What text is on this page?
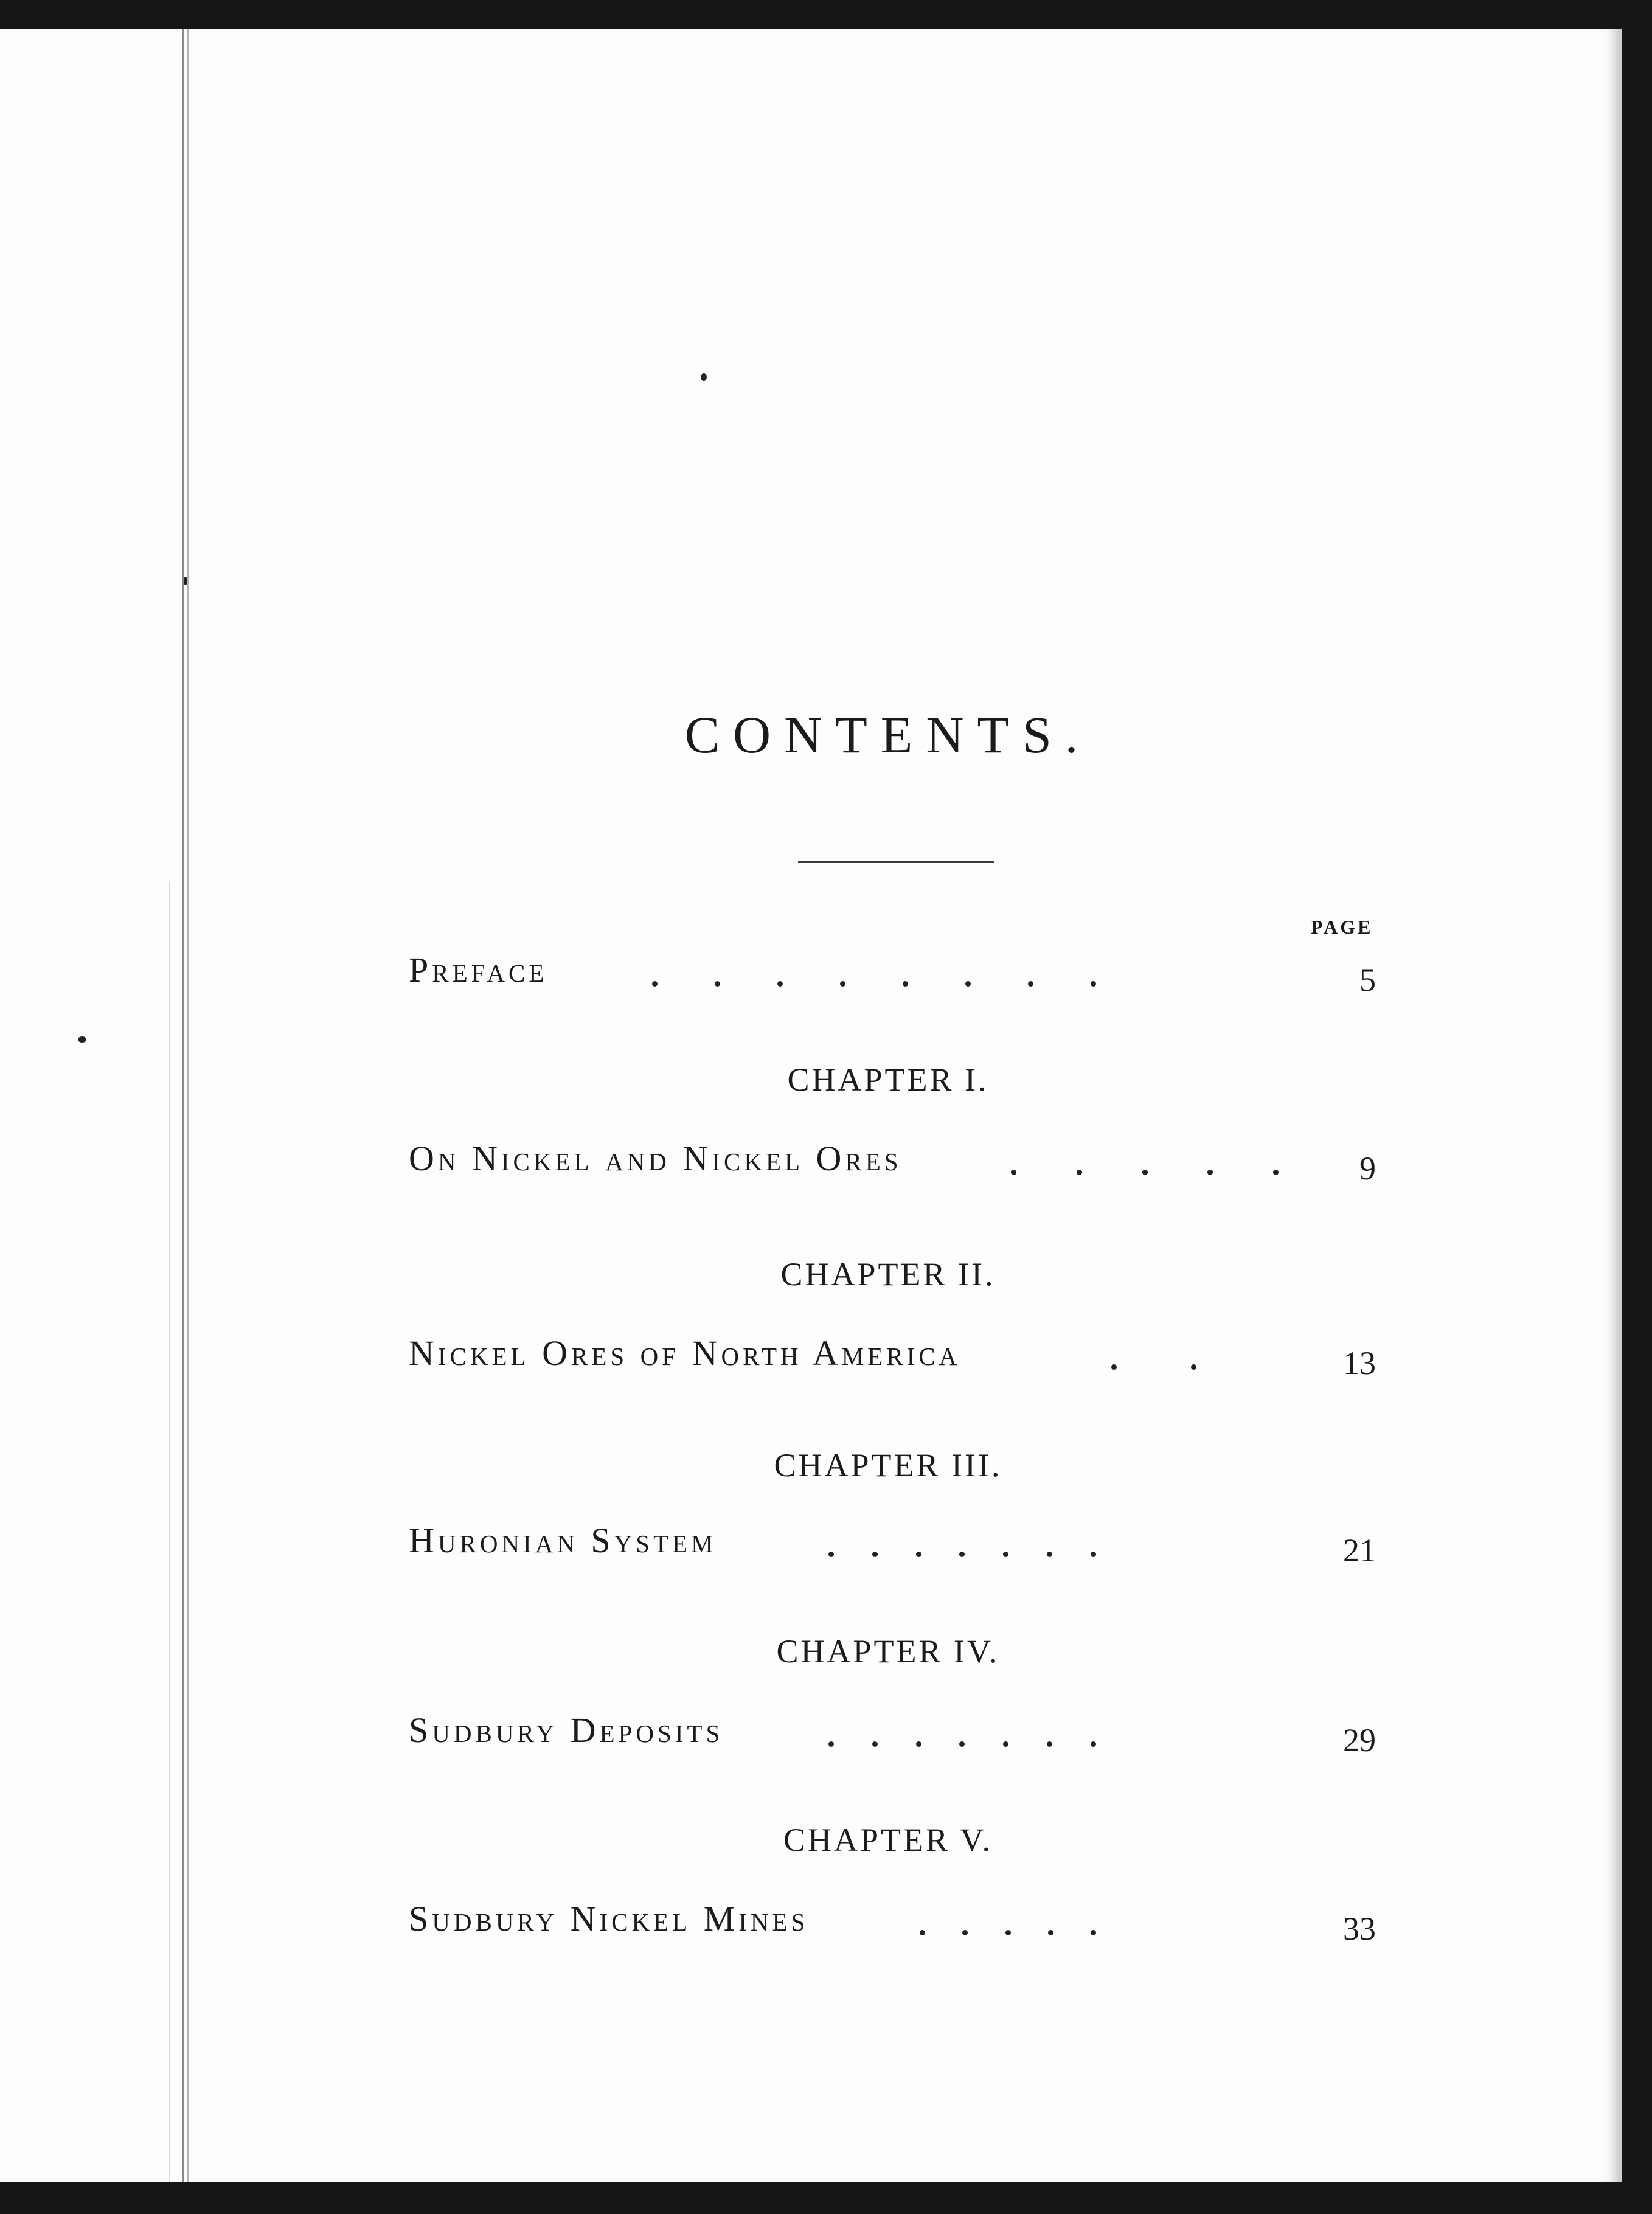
CONTENTS.
PAGE
Preface	5
CHAPTER I.
On Nickel and Nickel Ores	9
CHAPTER II.
Nickel Ores of North America	13
CHAPTER III.
Huronian System	21
CHAPTER IV.
Sudbury Deposits	29
CHAPTER V.
Sudbury Nickel Mines	33
